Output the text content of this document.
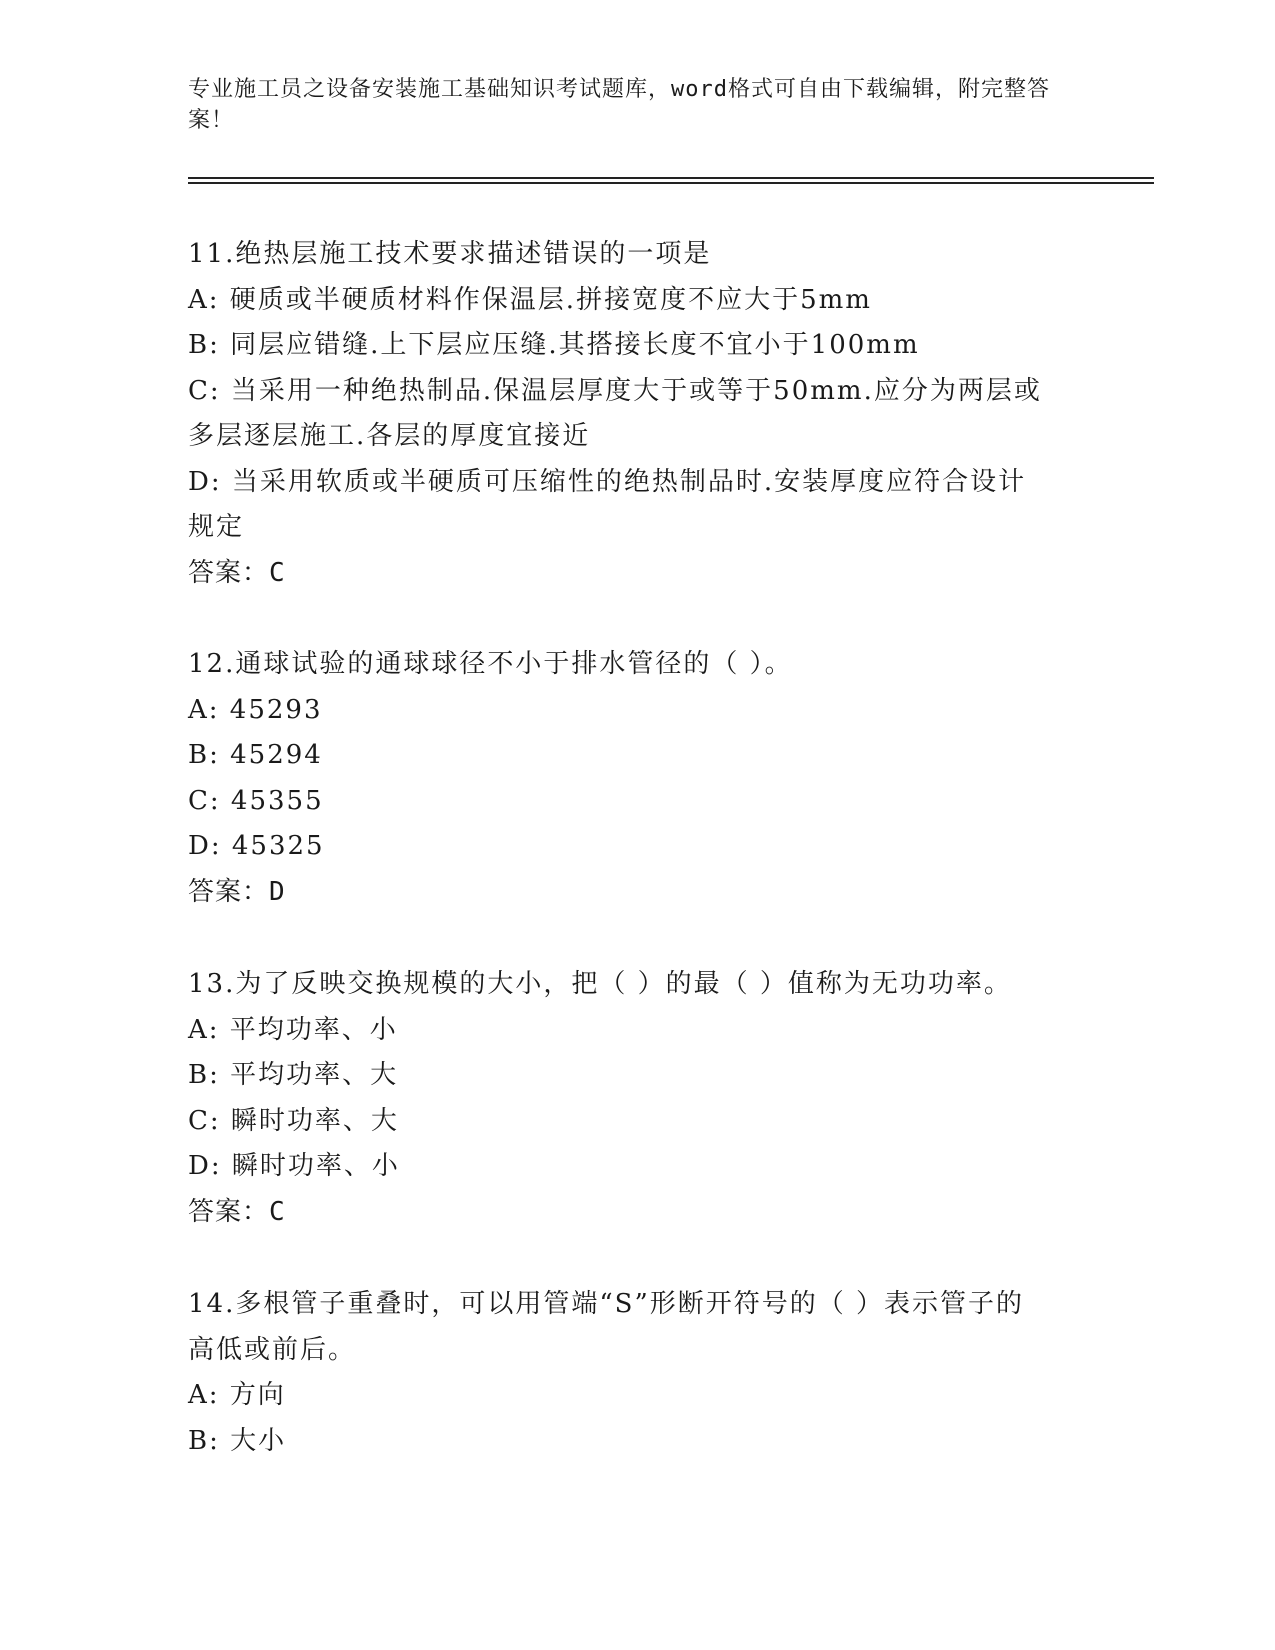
专业施工员之设备安装施工基础知识考试题库，word格式可自由下载编辑，附完整答案！

11.绝热层施工技术要求描述错误的一项是

A: 硬质或半硬质材料作保温层.拼接宽度不应大于5mm

B: 同层应错缝.上下层应压缝.其搭接长度不宜小于100mm

C: 当采用一种绝热制品.保温层厚度大于或等于50mm.应分为两层或多层逐层施工.各层的厚度宜接近

D: 当采用软质或半硬质可压缩性的绝热制品时.安装厚度应符合设计规定

答案：C

12.通球试验的通球球径不小于排水管径的（ ）。

A: 45293

B: 45294

C: 45355

D: 45325

答案：D

13.为了反映交换规模的大小，把（ ）的最（ ）值称为无功功率。

A: 平均功率、小

B: 平均功率、大

C: 瞬时功率、大

D: 瞬时功率、小

答案：C

14.多根管子重叠时，可以用管端“S”形断开符号的（ ）表示管子的高低或前后。

A: 方向

B: 大小
